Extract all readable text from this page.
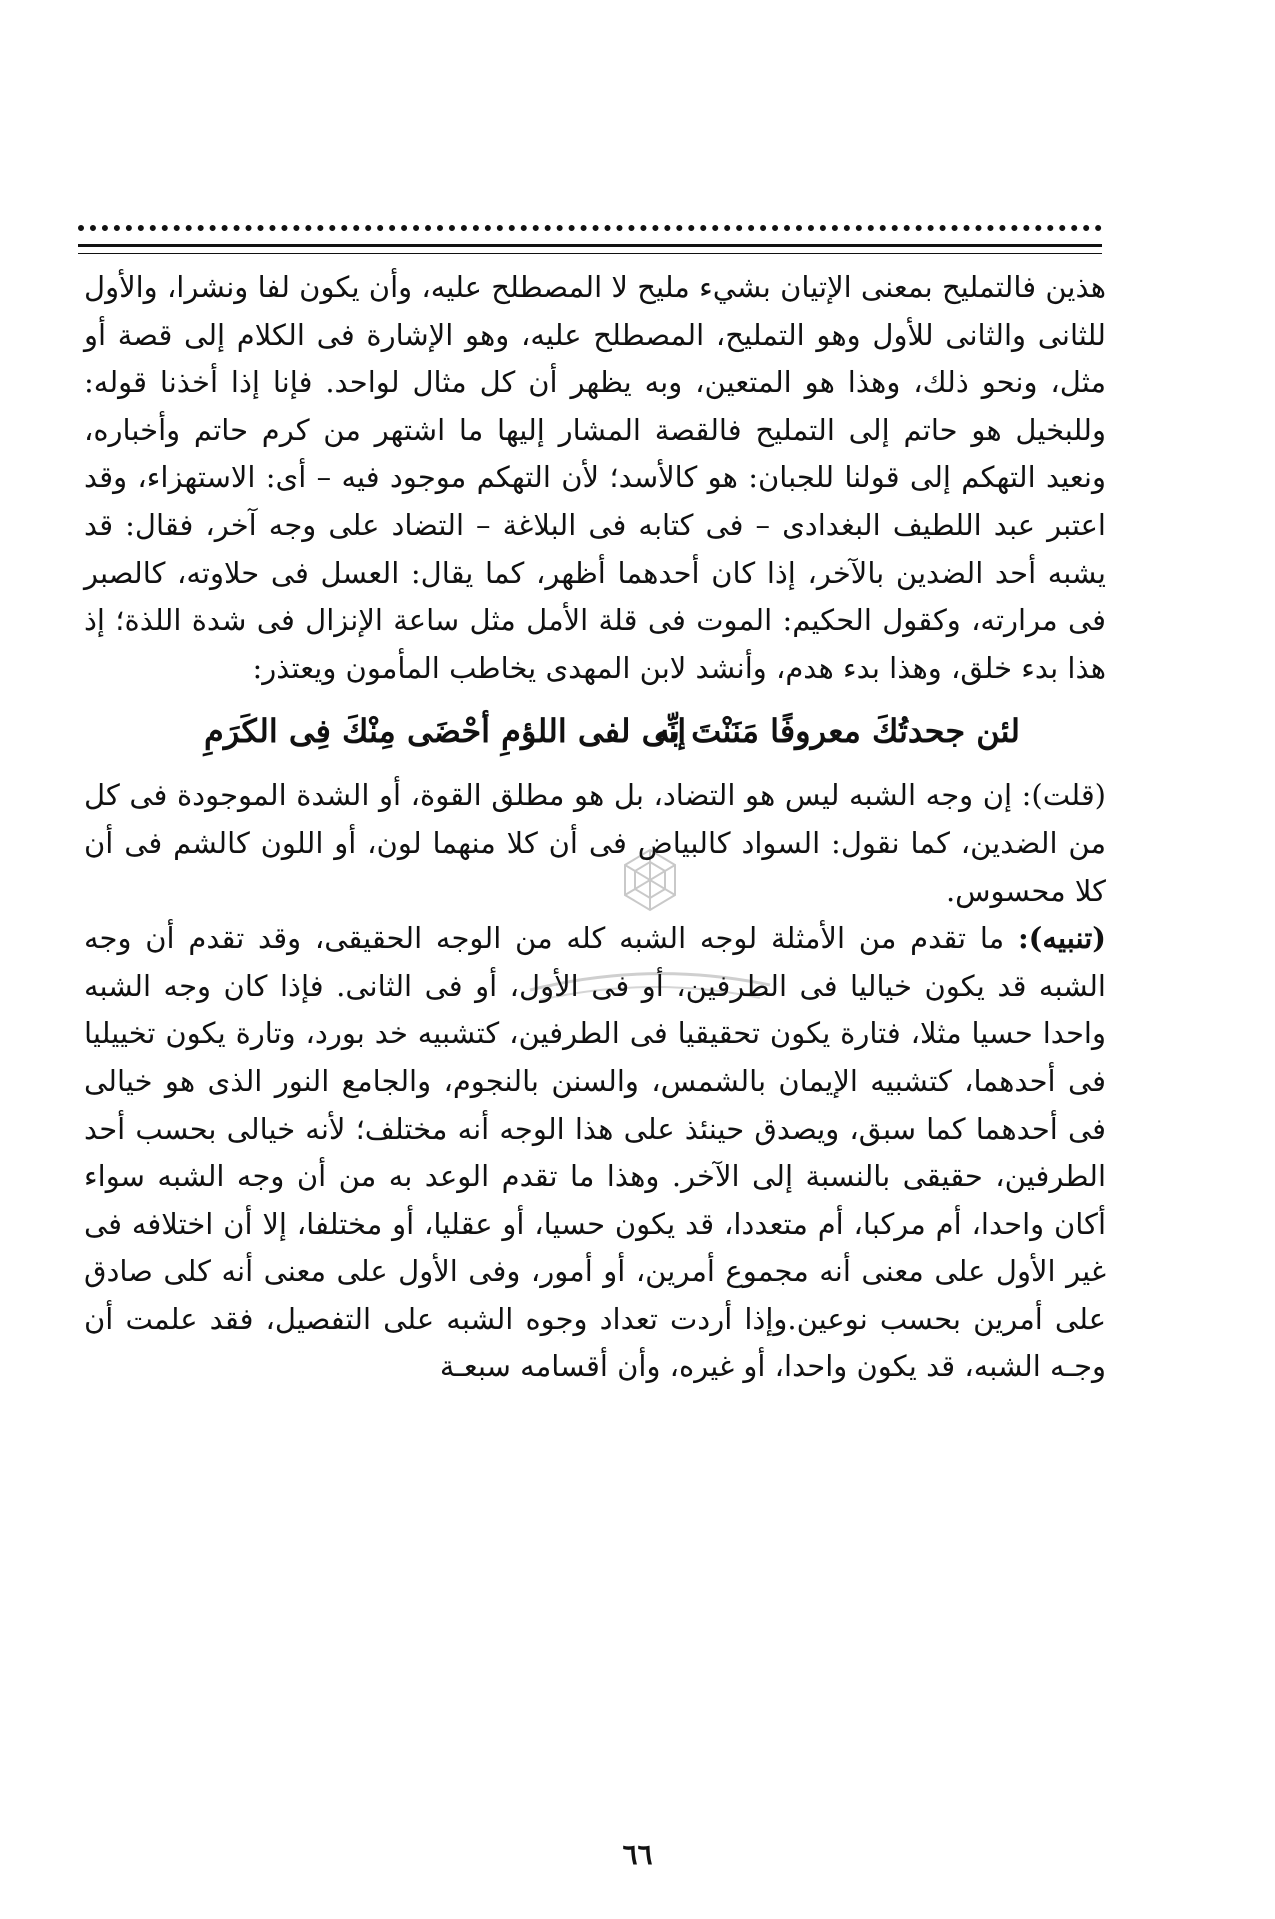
هذين فالتمليح بمعنى الإتيان بشيء مليح لا المصطلح عليه، وأن يكون لفا ونشرا، والأول للثانى والثانى للأول وهو التمليح، المصطلح عليه، وهو الإشارة فى الكلام إلى قصة أو مثل، ونحو ذلك، وهذا هو المتعين، وبه يظهر أن كل مثال لواحد. فإنا إذا أخذنا قوله: وللبخيل هو حاتم إلى التمليح فالقصة المشار إليها ما اشتهر من كرم حاتم وأخباره، ونعيد التهكم إلى قولنا للجبان: هو كالأسد؛ لأن التهكم موجود فيه – أى: الاستهزاء، وقد اعتبر عبد اللطيف البغدادى – فى كتابه فى البلاغة – التضاد على وجه آخر، فقال: قد يشبه أحد الضدين بالآخر، إذا كان أحدهما أظهر، كما يقال: العسل فى حلاوته، كالصبر فى مرارته، وكقول الحكيم: الموت فى قلة الأمل مثل ساعة الإنزال فى شدة اللذة؛ إذ هذا بدء خلق، وهذا بدء هدم، وأنشد لابن المهدى يخاطب المأمون ويعتذر:

لئن جحدتُكَ معروفًا مَنَنْتَ به
إنِّى لفى اللؤمِ أحْضَى مِنْكَ فِى الكَرَمِ

(قلت): إن وجه الشبه ليس هو التضاد، بل هو مطلق القوة، أو الشدة الموجودة فى كل من الضدين، كما نقول: السواد كالبياض فى أن كلا منهما لون، أو اللون كالشم فى أن كلا محسوس.

(تنبيه): ما تقدم من الأمثلة لوجه الشبه كله من الوجه الحقيقى، وقد تقدم أن وجه الشبه قد يكون خياليا فى الطرفين، أو فى الأول، أو فى الثانى. فإذا كان وجه الشبه واحدا حسيا مثلا، فتارة يكون تحقيقيا فى الطرفين، كتشبيه خد بورد، وتارة يكون تخييليا فى أحدهما، كتشبيه الإيمان بالشمس، والسنن بالنجوم، والجامع النور الذى هو خيالى فى أحدهما كما سبق، ويصدق حينئذ على هذا الوجه أنه مختلف؛ لأنه خيالى بحسب أحد الطرفين، حقيقى بالنسبة إلى الآخر. وهذا ما تقدم الوعد به من أن وجه الشبه سواء أكان واحدا، أم مركبا، أم متعددا، قد يكون حسيا، أو عقليا، أو مختلفا، إلا أن اختلافه فى غير الأول على معنى أنه مجموع أمرين، أو أمور، وفى الأول على معنى أنه كلى صادق على أمرين بحسب نوعين.وإذا أردت تعداد وجوه الشبه على التفصيل، فقد علمت أن وجـه الشبه، قد يكون واحدا، أو غيره، وأن أقسامه سبعـة

٦٦
